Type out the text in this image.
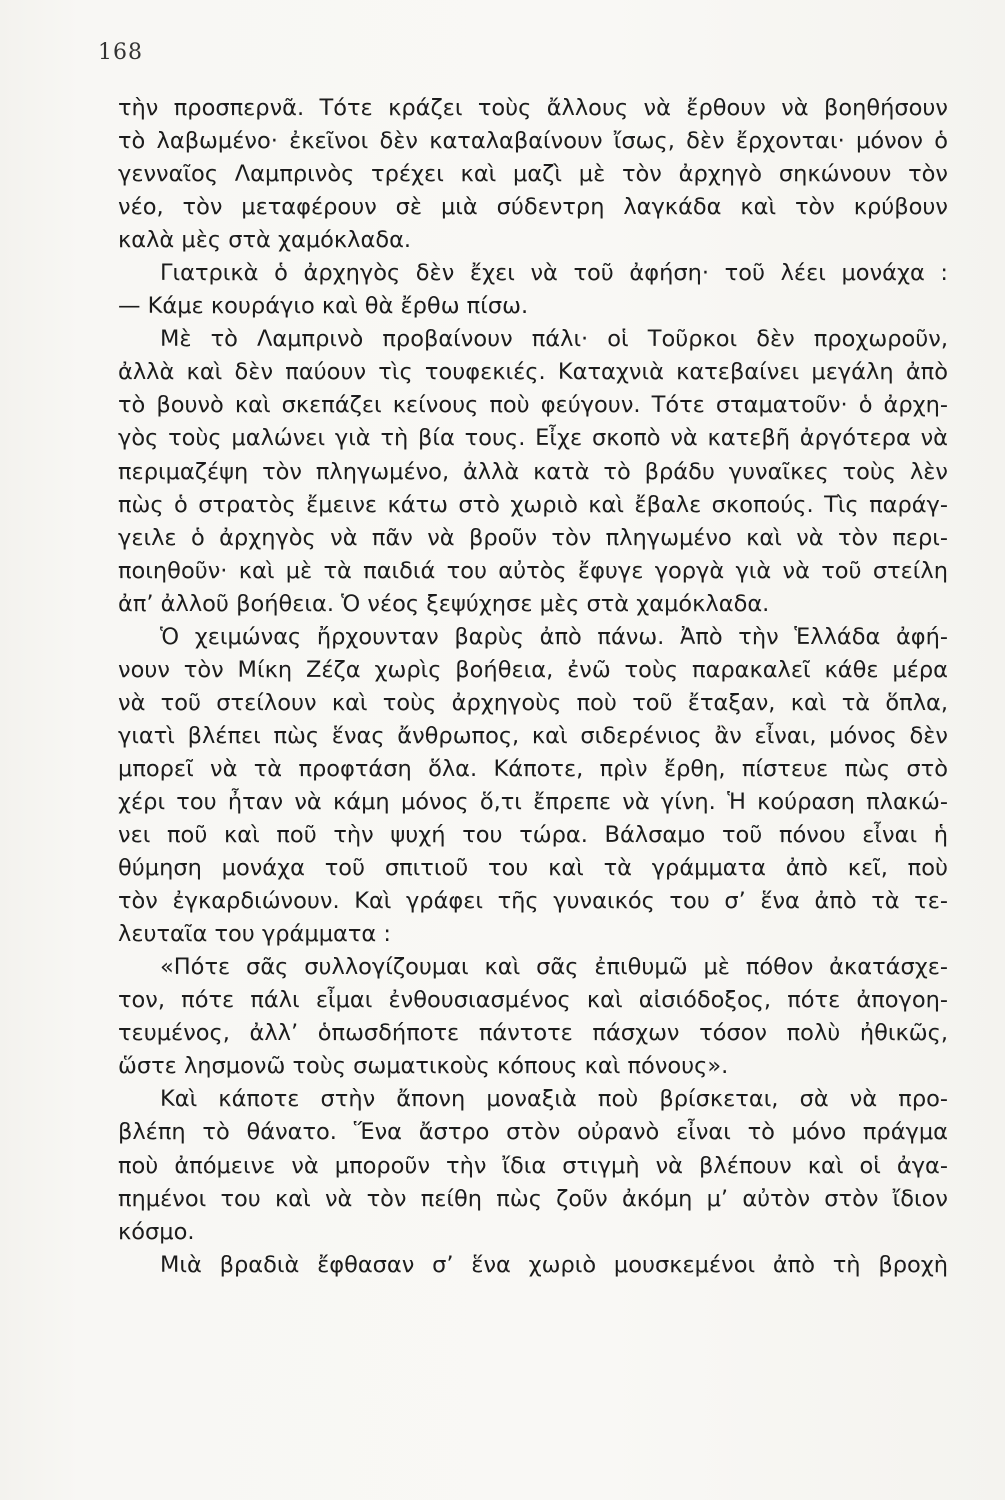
168
τὴν προσπερνᾶ. Τότε κράζει τοὺς ἄλλους νὰ ἔρθουν νὰ βοηθήσουν
τὸ λαβωμένο· ἐκεῖνοι δὲν καταλαβαίνουν ἴσως, δὲν ἔρχονται· μόνον ὁ
γενναῖος Λαμπρινὸς τρέχει καὶ μαζὶ μὲ τὸν ἀρχηγὸ σηκώνουν τὸν
νέο, τὸν μεταφέρουν σὲ μιὰ σύδεντρη λαγκάδα καὶ τὸν κρύβουν
καλὰ μὲς στὰ χαμόκλαδα.
Γιατρικὰ ὁ ἀρχηγὸς δὲν ἔχει νὰ τοῦ ἀφήση· τοῦ λέει μονάχα :
— Κάμε κουράγιο καὶ θὰ ἔρθω πίσω.
Μὲ τὸ Λαμπρινὸ προβαίνουν πάλι· οἱ Τοῦρκοι δὲν προχωροῦν,
ἀλλὰ καὶ δὲν παύουν τὶς τουφεκιές. Καταχνιὰ κατεβαίνει μεγάλη ἀπὸ
τὸ βουνὸ καὶ σκεπάζει κείνους ποὺ φεύγουν. Τότε σταματοῦν· ὁ ἀρχη-
γὸς τοὺς μαλώνει γιὰ τὴ βία τους. Εἶχε σκοπὸ νὰ κατεβῆ ἀργότερα νὰ
περιμαζέψη τὸν πληγωμένο, ἀλλὰ κατὰ τὸ βράδυ γυναῖκες τοὺς λὲν
πὼς ὁ στρατὸς ἔμεινε κάτω στὸ χωριὸ καὶ ἔβαλε σκοπούς. Τὶς παράγ-
γειλε ὁ ἀρχηγὸς νὰ πᾶν νὰ βροῦν τὸν πληγωμένο καὶ νὰ τὸν περι-
ποιηθοῦν· καὶ μὲ τὰ παιδιά του αὐτὸς ἔφυγε γοργὰ γιὰ νὰ τοῦ στείλη
ἀπ’ ἀλλοῦ βοήθεια. Ὁ νέος ξεψύχησε μὲς στὰ χαμόκλαδα.
Ὁ χειμώνας ἤρχουνταν βαρὺς ἀπὸ πάνω. Ἀπὸ τὴν Ἑλλάδα ἀφή-
νουν τὸν Μίκη Ζέζα χωρὶς βοήθεια, ἐνῶ τοὺς παρακαλεῖ κάθε μέρα
νὰ τοῦ στείλουν καὶ τοὺς ἀρχηγοὺς ποὺ τοῦ ἔταξαν, καὶ τὰ ὅπλα,
γιατὶ βλέπει πὼς ἕνας ἄνθρωπος, καὶ σιδερένιος ἂν εἶναι, μόνος δὲν
μπορεῖ νὰ τὰ προφτάση ὅλα. Κάποτε, πρὶν ἔρθη, πίστευε πὼς στὸ
χέρι του ἦταν νὰ κάμη μόνος ὅ,τι ἔπρεπε νὰ γίνη. Ἡ κούραση πλακώ-
νει ποῦ καὶ ποῦ τὴν ψυχή του τώρα. Βάλσαμο τοῦ πόνου εἶναι ἡ
θύμηση μονάχα τοῦ σπιτιοῦ του καὶ τὰ γράμματα ἀπὸ κεῖ, ποὺ
τὸν ἐγκαρδιώνουν. Καὶ γράφει τῆς γυναικός του σ’ ἕνα ἀπὸ τὰ τε-
λευταῖα του γράμματα :
«Πότε σᾶς συλλογίζουμαι καὶ σᾶς ἐπιθυμῶ μὲ πόθον ἀκατάσχε-
τον, πότε πάλι εἶμαι ἐνθουσιασμένος καὶ αἰσιόδοξος, πότε ἀπογοη-
τευμένος, ἀλλ’ ὁπωσδήποτε πάντοτε πάσχων τόσον πολὺ ἠθικῶς,
ὥστε λησμονῶ τοὺς σωματικοὺς κόπους καὶ πόνους».
Καὶ κάποτε στὴν ἄπονη μοναξιὰ ποὺ βρίσκεται, σὰ νὰ προ-
βλέπη τὸ θάνατο. Ἕνα ἄστρο στὸν οὐρανὸ εἶναι τὸ μόνο πράγμα
ποὺ ἀπόμεινε νὰ μποροῦν τὴν ἴδια στιγμὴ νὰ βλέπουν καὶ οἱ ἀγα-
πημένοι του καὶ νὰ τὸν πείθη πὼς ζοῦν ἀκόμη μ’ αὐτὸν στὸν ἴδιον
κόσμο.
Μιὰ βραδιὰ ἔφθασαν σ’ ἕνα χωριὸ μουσκεμένοι ἀπὸ τὴ βροχὴ
